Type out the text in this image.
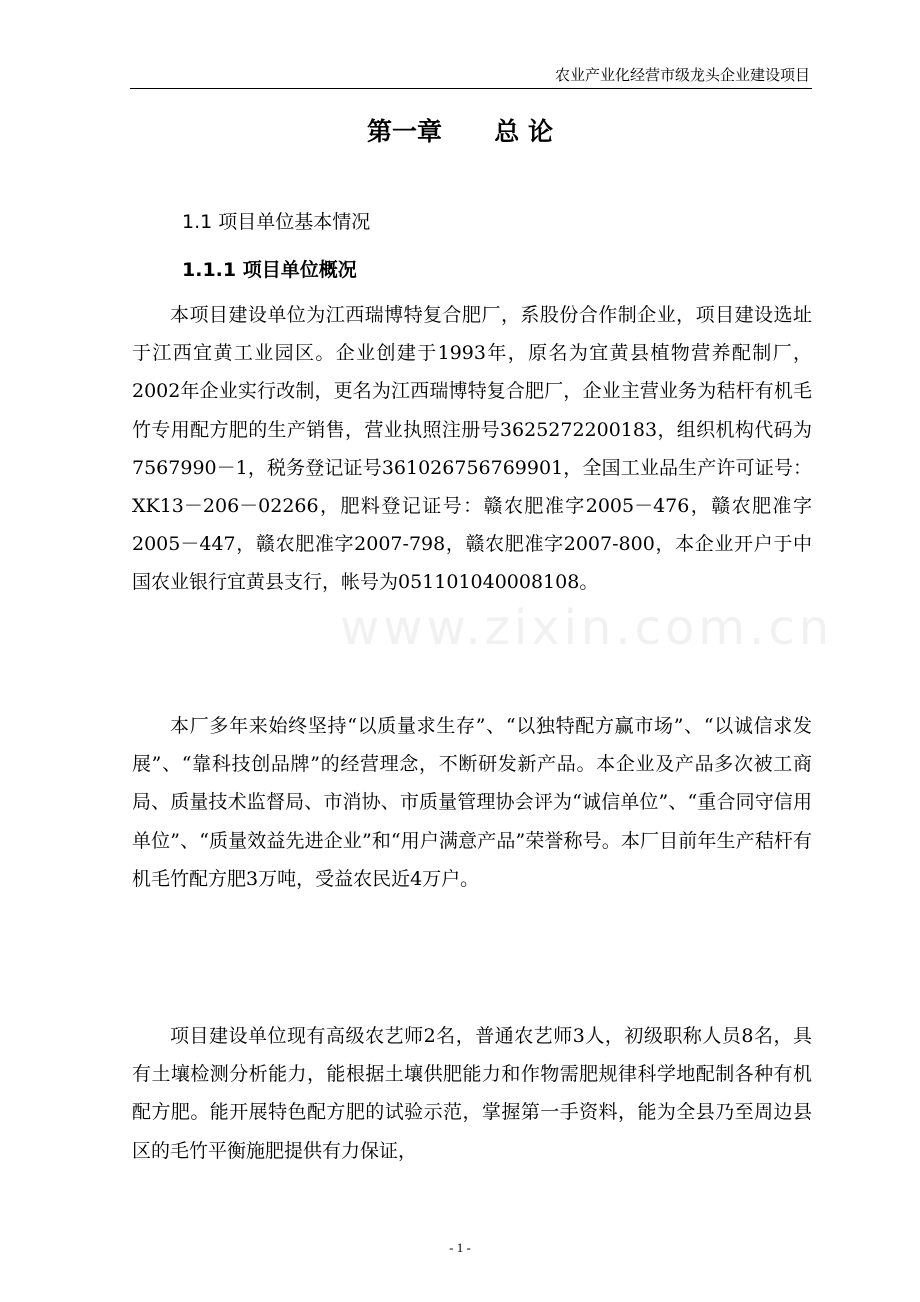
农业产业化经营市级龙头企业建设项目
第一章      总 论
1.1 项目单位基本情况
1.1.1 项目单位概况

本项目建设单位为江西瑞博特复合肥厂，系股份合作制企业，项目建设选址于江西宜黄工业园区。企业创建于1993年，原名为宜黄县植物营养配制厂，2002年企业实行改制，更名为江西瑞博特复合肥厂，企业主营业务为秸杆有机毛竹专用配方肥的生产销售，营业执照注册号3625272200183，组织机构代码为7567990－1，税务登记证号361026756769901，全国工业品生产许可证号：XK13－206－02266，肥料登记证号：赣农肥准字2005－476，赣农肥准字2005－447，赣农肥准字2007-798，赣农肥准字2007-800，本企业开户于中国农业银行宜黄县支行，帐号为051101040008108。

本厂多年来始终坚持“以质量求生存”、“以独特配方赢市场”、“以诚信求发展”、“靠科技创品牌”的经营理念，不断研发新产品。本企业及产品多次被工商局、质量技术监督局、市消协、市质量管理协会评为“诚信单位”、“重合同守信用单位”、“质量效益先进企业”和“用户满意产品”荣誉称号。本厂目前年生产秸杆有机毛竹配方肥3万吨，受益农民近4万户。

项目建设单位现有高级农艺师2名，普通农艺师3人，初级职称人员8名，具有土壤检测分析能力，能根据土壤供肥能力和作物需肥规律科学地配制各种有机配方肥。能开展特色配方肥的试验示范，掌握第一手资料，能为全县乃至周边县区的毛竹平衡施肥提供有力保证，

www.zixin.com.cn
- 1 -
